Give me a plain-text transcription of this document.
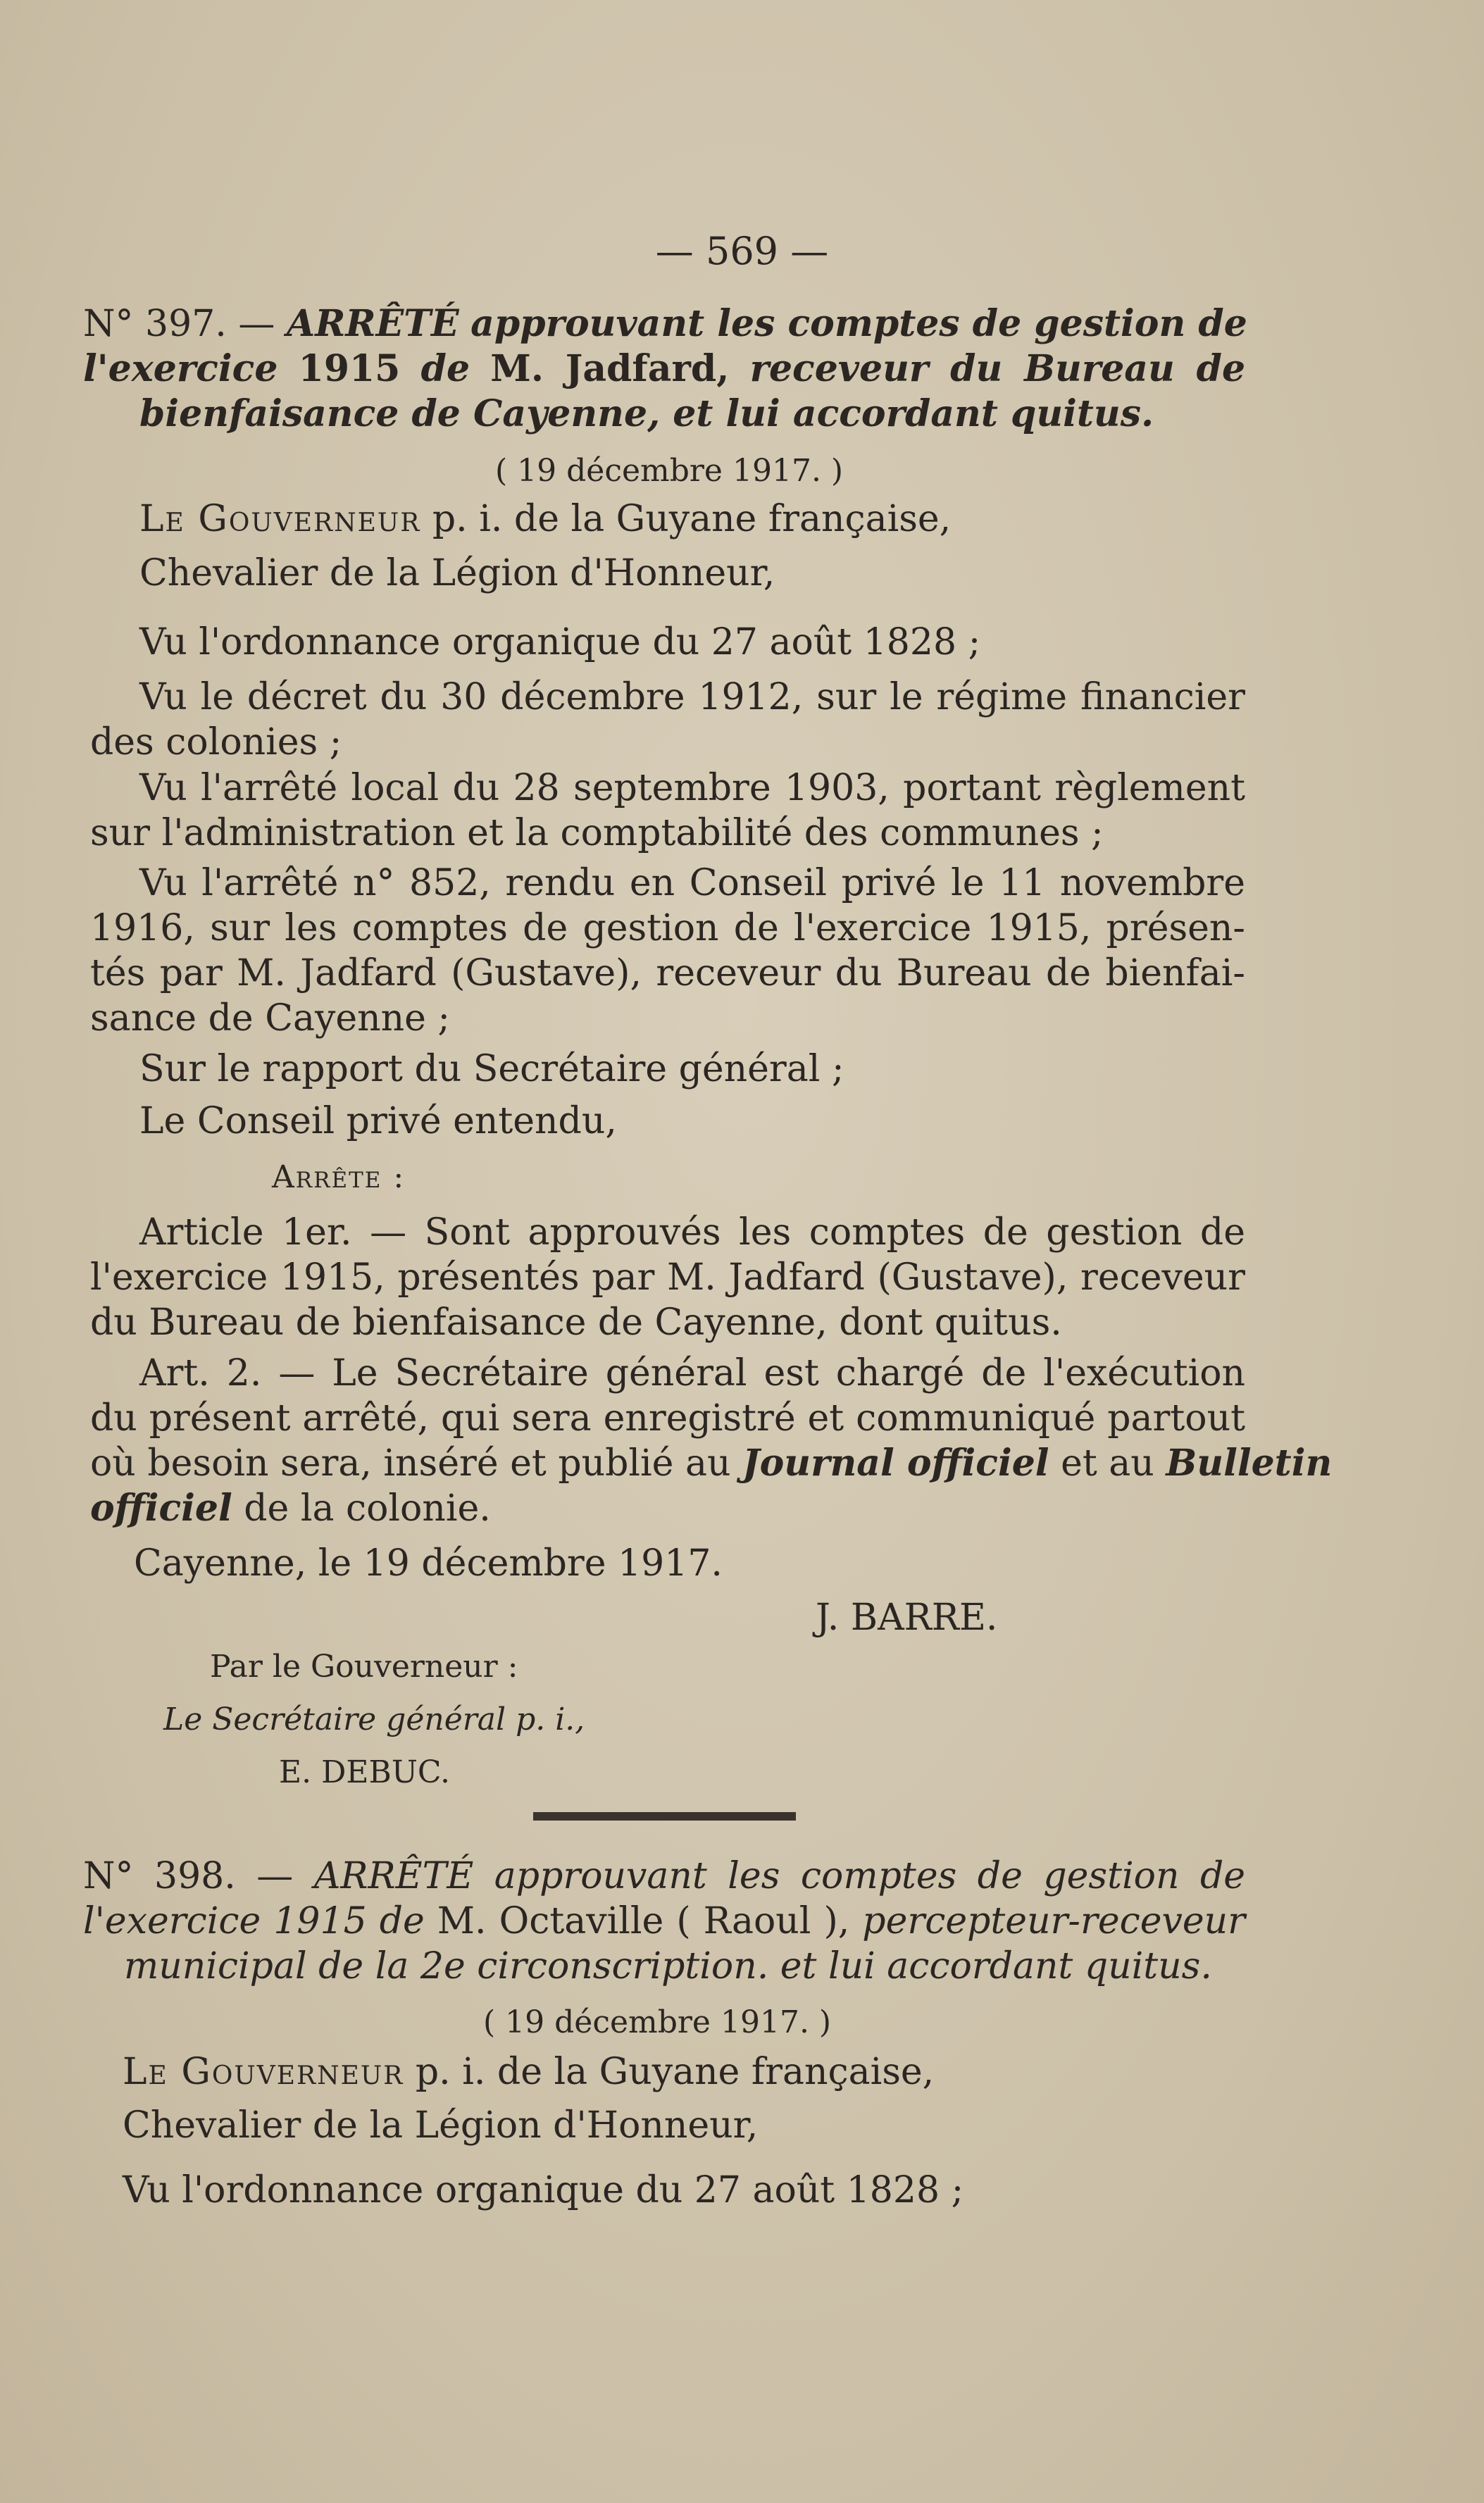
— 569 —
N° 397. — ARRÊTÉ approuvant les comptes de gestion de
l'exercice 1915 de M. Jadfard, receveur du Bureau de
bienfaisance de Cayenne, et lui accordant quitus.
( 19 décembre 1917. )
Le Gouverneur p. i. de la Guyane française,
Chevalier de la Légion d'Honneur,
Vu l'ordonnance organique du 27 août 1828 ;
Vu le décret du 30 décembre 1912, sur le régime financier
des colonies ;
Vu l'arrêté local du 28 septembre 1903, portant règlement
sur l'administration et la comptabilité des communes ;
Vu l'arrêté n° 852, rendu en Conseil privé le 11 novembre
1916, sur les comptes de gestion de l'exercice 1915, présen-
tés par M. Jadfard (Gustave), receveur du Bureau de bienfai-
sance de Cayenne ;
Sur le rapport du Secrétaire général ;
Le Conseil privé entendu,
Arrête :
Article 1er. — Sont approuvés les comptes de gestion de
l'exercice 1915, présentés par M. Jadfard (Gustave), receveur
du Bureau de bienfaisance de Cayenne, dont quitus.
Art. 2. — Le Secrétaire général est chargé de l'exécution
du présent arrêté, qui sera enregistré et communiqué partout
où besoin sera, inséré et publié au Journal officiel et au Bulletin
officiel de la colonie.
Cayenne, le 19 décembre 1917.
J. BARRE.
Par le Gouverneur :
Le Secrétaire général p. i.,
E. DEBUC.
N° 398. — ARRÊTÉ approuvant les comptes de gestion de
l'exercice 1915 de M. Octaville ( Raoul ), percepteur-receveur
municipal de la 2e circonscription. et lui accordant quitus.
( 19 décembre 1917. )
Le Gouverneur p. i. de la Guyane française,
Chevalier de la Légion d'Honneur,
Vu l'ordonnance organique du 27 août 1828 ;
